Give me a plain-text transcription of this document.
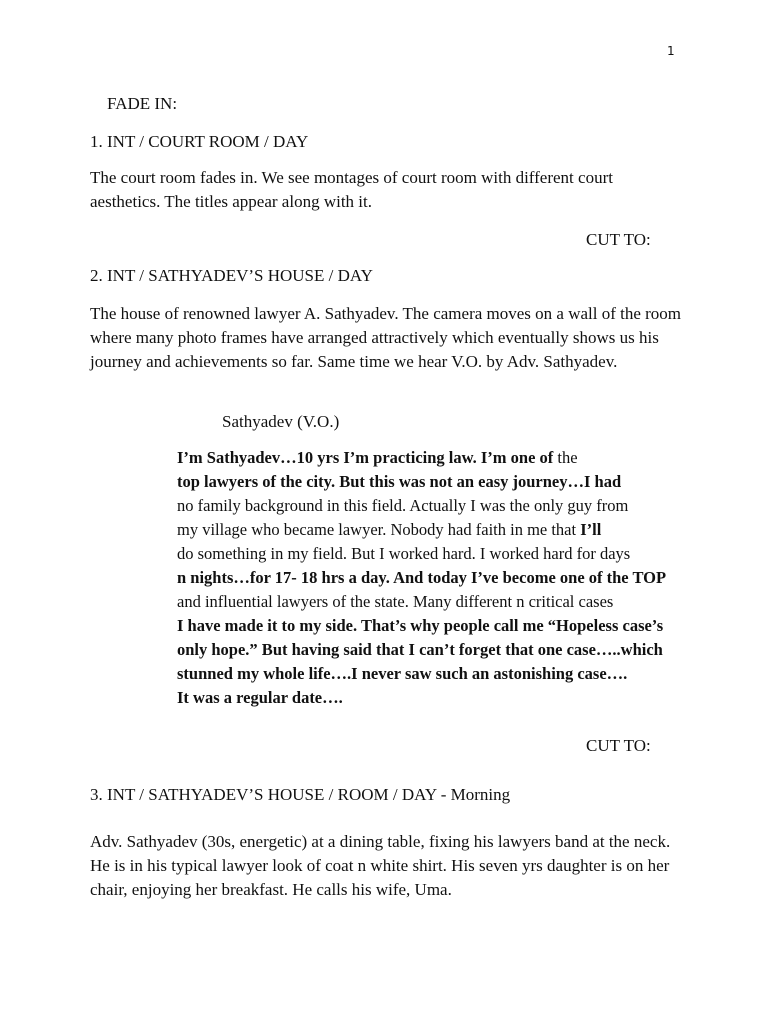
1
FADE IN:
1. INT / COURT ROOM / DAY

The court room fades in. We see montages of court room with different court aesthetics. The titles appear along with it.

CUT TO:
2. INT / SATHYADEV’S HOUSE / DAY

The house of renowned lawyer A. Sathyadev. The camera moves on a wall of the room where many photo frames have arranged attractively which eventually shows us his journey and achievements so far. Same time we hear V.O. by Adv. Sathyadev.

Sathyadev (V.O.)
I’m Sathyadev…10 yrs I’m practicing law. I’m one of the
top lawyers of the city. But this was not an easy journey…I had
no family background in this field. Actually I was the only guy from
my village who became lawyer. Nobody had faith in me that I’ll
do something in my field. But I worked hard. I worked hard for days
n nights…for 17- 18 hrs a day. And today I’ve become one of the TOP
and influential lawyers of the state. Many different n critical cases
I have made it to my side. That’s why people call me “Hopeless case’s
only hope.” But having said that I can’t forget that one case…..which
stunned my whole life….I never saw such an astonishing case….
It was a regular date….
CUT TO:
3. INT / SATHYADEV’S HOUSE / ROOM / DAY - Morning

Adv. Sathyadev (30s, energetic) at a dining table, fixing his lawyers band at the neck. He is in his typical lawyer look of coat n white shirt. His seven yrs daughter is on her chair, enjoying her breakfast. He calls his wife, Uma.
